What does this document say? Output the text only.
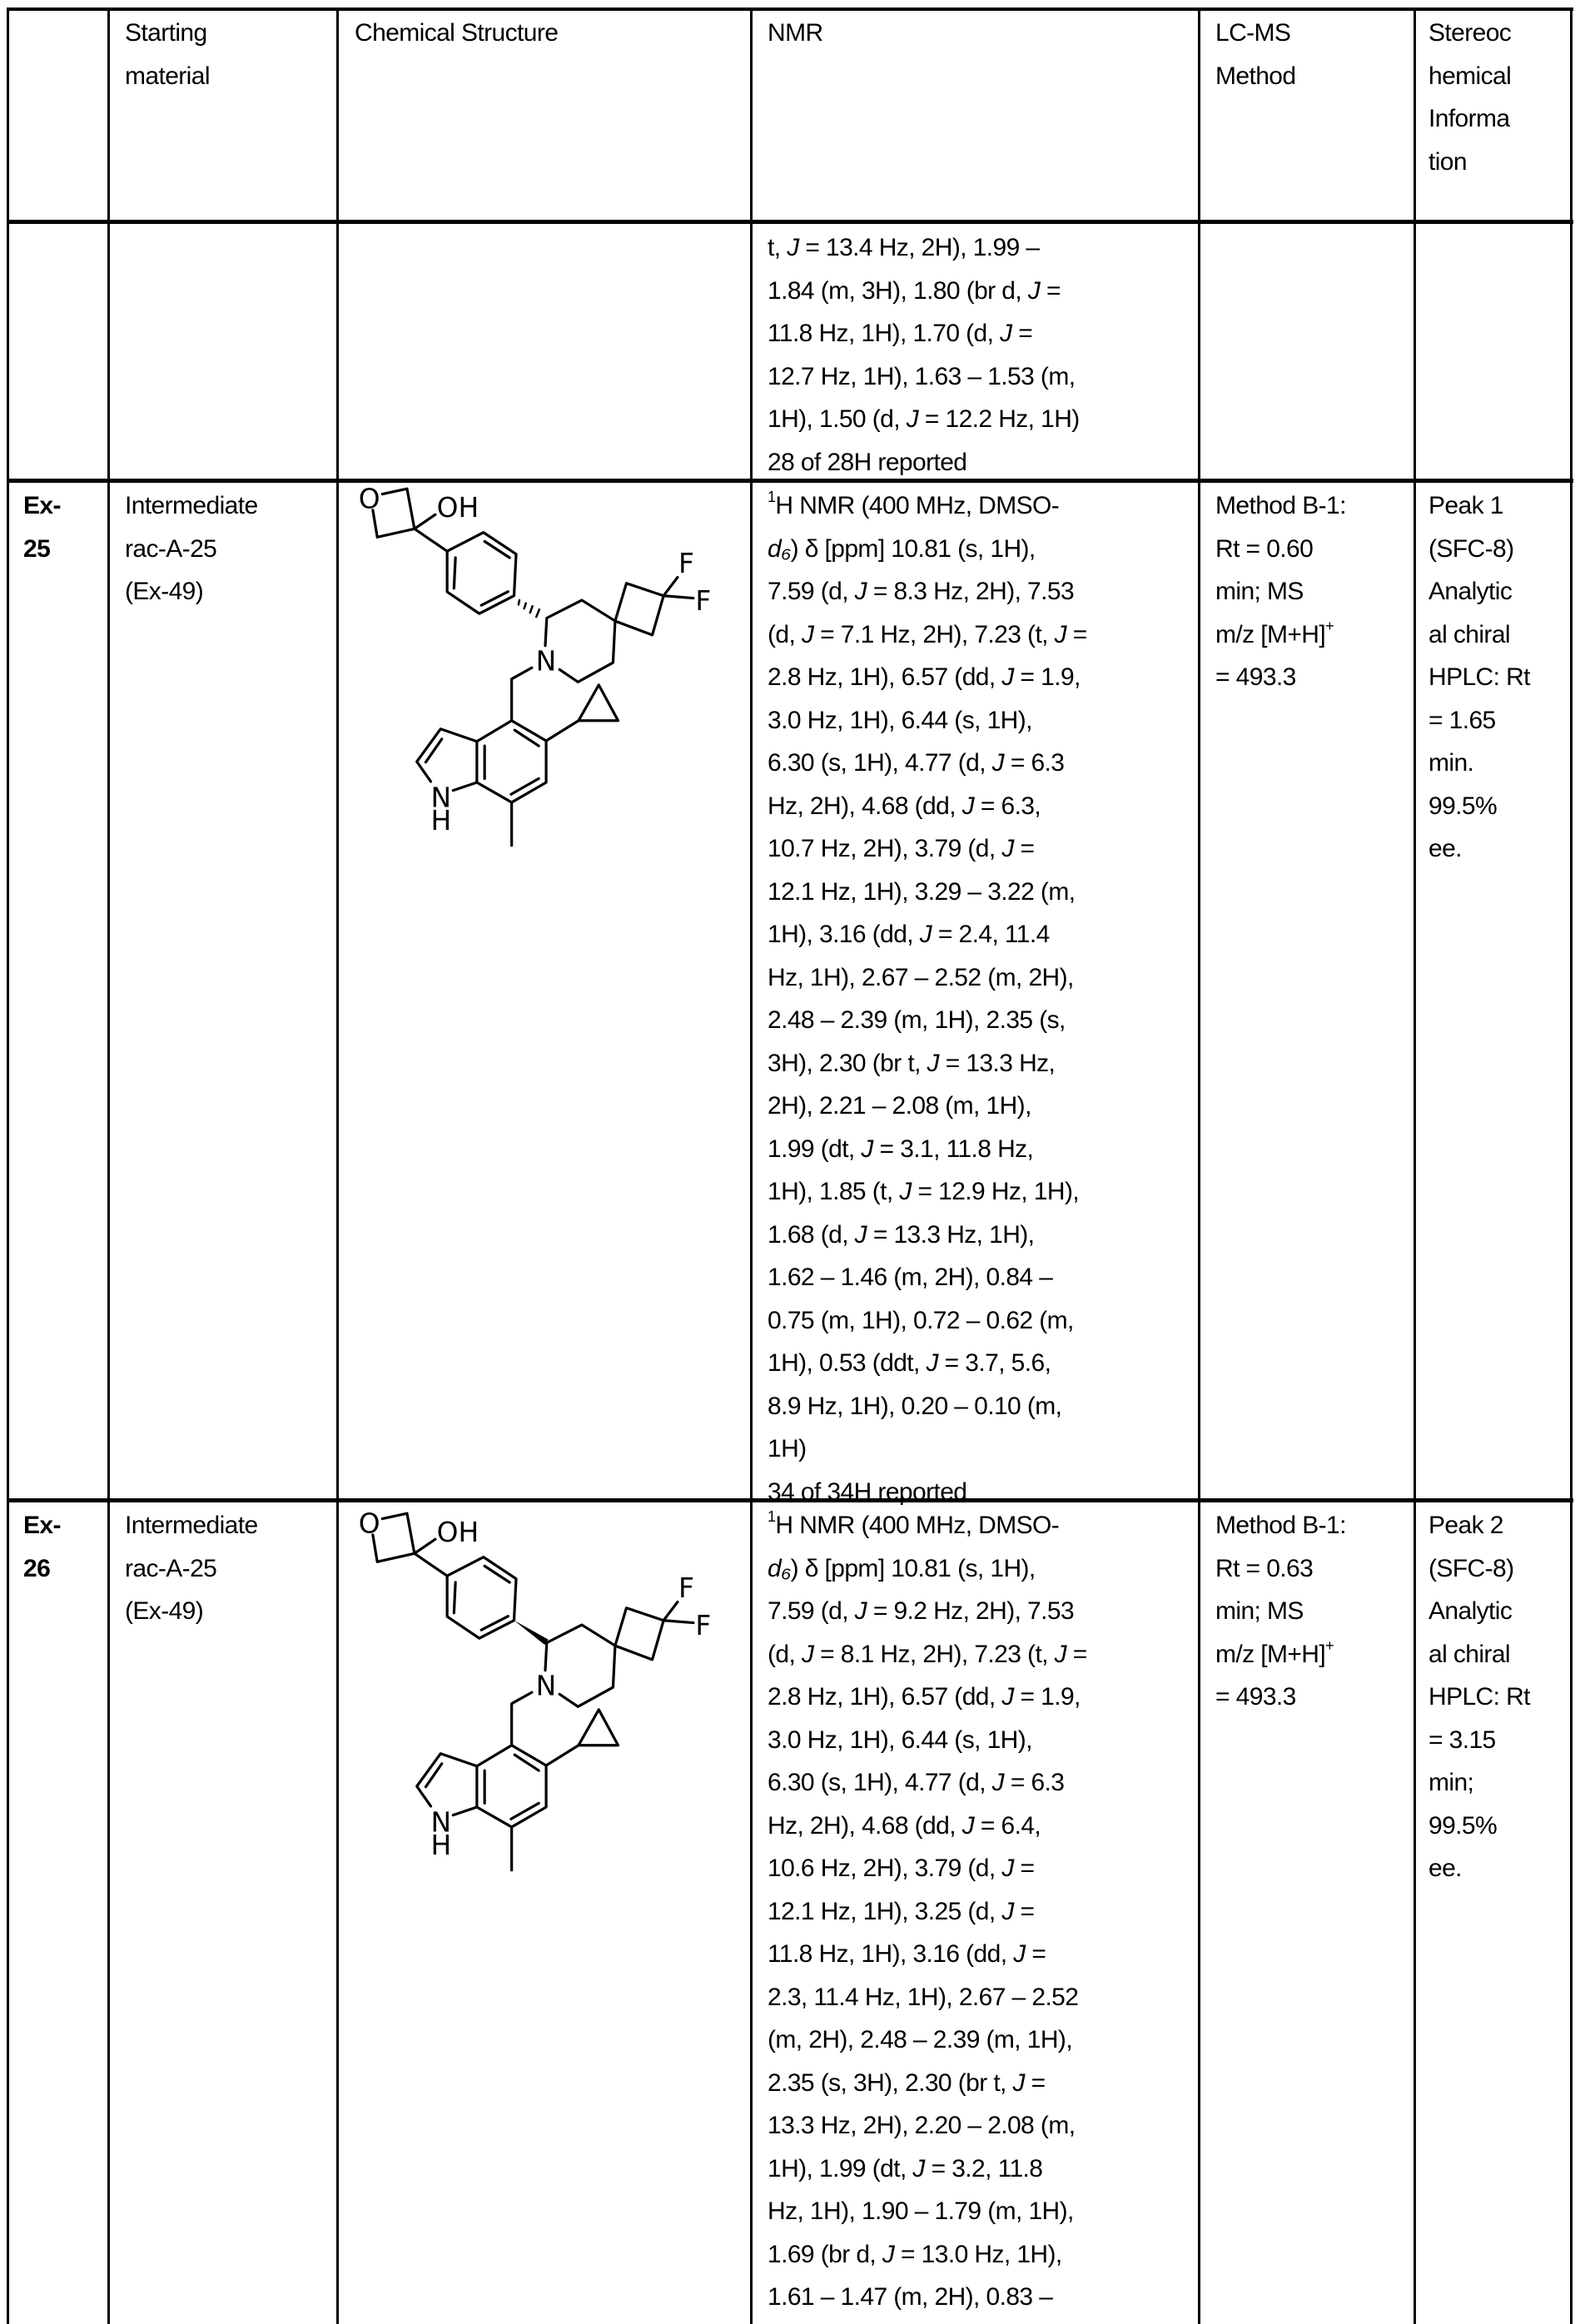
Starting
material
Chemical Structure	NMR	LC-MS
Method
Stereoc
hemical
Informa
tion
t, J = 13.4 Hz, 2H), 1.99 –
1.84 (m, 3H), 1.80 (br d, J =
11.8 Hz, 1H), 1.70 (d, J =
12.7 Hz, 1H), 1.63 – 1.53 (m,
1H), 1.50 (d, J = 12.2 Hz, 1H)
28 of 28H reported
Ex-
25
Intermediate
rac-A-25
(Ex-49)
O OH
N
F
F
N
H
1H NMR (400 MHz, DMSO-
d₆) δ [ppm] 10.81 (s, 1H),
7.59 (d, J = 8.3 Hz, 2H), 7.53
(d, J = 7.1 Hz, 2H), 7.23 (t, J =
2.8 Hz, 1H), 6.57 (dd, J = 1.9,
3.0 Hz, 1H), 6.44 (s, 1H),
6.30 (s, 1H), 4.77 (d, J = 6.3
Hz, 2H), 4.68 (dd, J = 6.3,
10.7 Hz, 2H), 3.79 (d, J =
12.1 Hz, 1H), 3.29 – 3.22 (m,
1H), 3.16 (dd, J = 2.4, 11.4
Hz, 1H), 2.67 – 2.52 (m, 2H),
2.48 – 2.39 (m, 1H), 2.35 (s,
3H), 2.30 (br t, J = 13.3 Hz,
2H), 2.21 – 2.08 (m, 1H),
1.99 (dt, J = 3.1, 11.8 Hz,
1H), 1.85 (t, J = 12.9 Hz, 1H),
1.68 (d, J = 13.3 Hz, 1H),
1.62 – 1.46 (m, 2H), 0.84 –
0.75 (m, 1H), 0.72 – 0.62 (m,
1H), 0.53 (ddt, J = 3.7, 5.6,
8.9 Hz, 1H), 0.20 – 0.10 (m,
1H)
34 of 34H reported
Method B-1:
Rt = 0.60
min; MS
m/z [M+H]+
= 493.3
Peak 1
(SFC-8)
Analytic
al chiral
HPLC: Rt
= 1.65
min.
99.5%
ee.
Ex-
26
Intermediate
rac-A-25
(Ex-49)
O OH
N
F
F
N
H
1H NMR (400 MHz, DMSO-
d₆) δ [ppm] 10.81 (s, 1H),
7.59 (d, J = 9.2 Hz, 2H), 7.53
(d, J = 8.1 Hz, 2H), 7.23 (t, J =
2.8 Hz, 1H), 6.57 (dd, J = 1.9,
3.0 Hz, 1H), 6.44 (s, 1H),
6.30 (s, 1H), 4.77 (d, J = 6.3
Hz, 2H), 4.68 (dd, J = 6.4,
10.6 Hz, 2H), 3.79 (d, J =
12.1 Hz, 1H), 3.25 (d, J =
11.8 Hz, 1H), 3.16 (dd, J =
2.3, 11.4 Hz, 1H), 2.67 – 2.52
(m, 2H), 2.48 – 2.39 (m, 1H),
2.35 (s, 3H), 2.30 (br t, J =
13.3 Hz, 2H), 2.20 – 2.08 (m,
1H), 1.99 (dt, J = 3.2, 11.8
Hz, 1H), 1.90 – 1.79 (m, 1H),
1.69 (br d, J = 13.0 Hz, 1H),
1.61 – 1.47 (m, 2H), 0.83 –
Method B-1:
Rt = 0.63
min; MS
m/z [M+H]+
= 493.3
Peak 2
(SFC-8)
Analytic
al chiral
HPLC: Rt
= 3.15
min;
99.5%
ee.
